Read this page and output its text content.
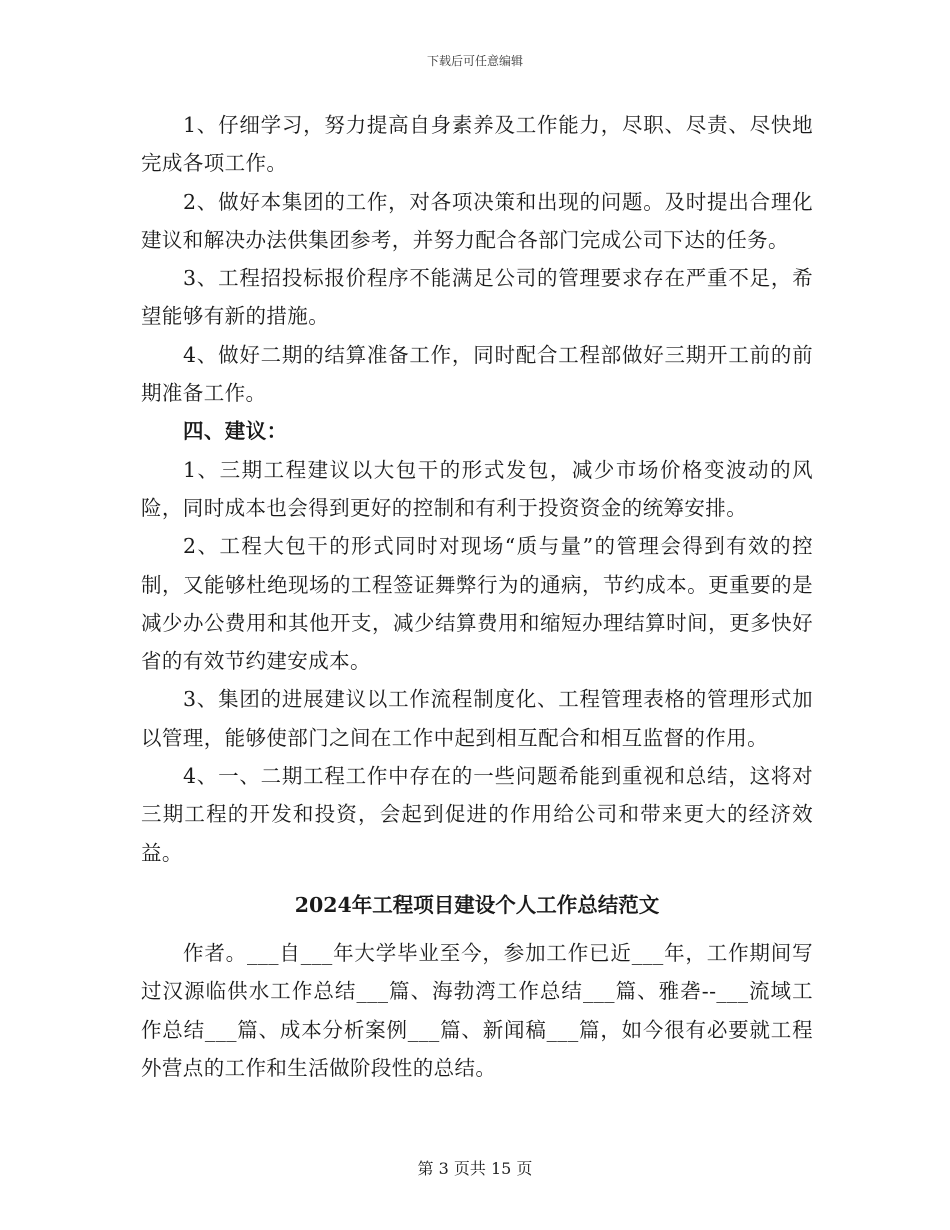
下载后可任意编辑

1、仔细学习，努力提高自身素养及工作能力，尽职、尽责、尽快地完成各项工作。

2、做好本集团的工作，对各项决策和出现的问题。及时提出合理化建议和解决办法供集团参考，并努力配合各部门完成公司下达的任务。

3、工程招投标报价程序不能满足公司的管理要求存在严重不足，希望能够有新的措施。

4、做好二期的结算准备工作，同时配合工程部做好三期开工前的前期准备工作。

四、建议：

1、三期工程建议以大包干的形式发包，减少市场价格变波动的风险，同时成本也会得到更好的控制和有利于投资资金的统筹安排。

2、工程大包干的形式同时对现场“质与量”的管理会得到有效的控制，又能够杜绝现场的工程签证舞弊行为的通病，节约成本。更重要的是减少办公费用和其他开支，减少结算费用和缩短办理结算时间，更多快好省的有效节约建安成本。

3、集团的进展建议以工作流程制度化、工程管理表格的管理形式加以管理，能够使部门之间在工作中起到相互配合和相互监督的作用。

4、一、二期工程工作中存在的一些问题希能到重视和总结，这将对三期工程的开发和投资，会起到促进的作用给公司和带来更大的经济效益。

2024年工程项目建设个人工作总结范文

作者。___自___年大学毕业至今，参加工作已近___年，工作期间写过汉源临供水工作总结___篇、海勃湾工作总结___篇、雅砻--___流域工作总结___篇、成本分析案例___篇、新闻稿___篇，如今很有必要就工程外营点的工作和生活做阶段性的总结。

第 3 页共 15 页
